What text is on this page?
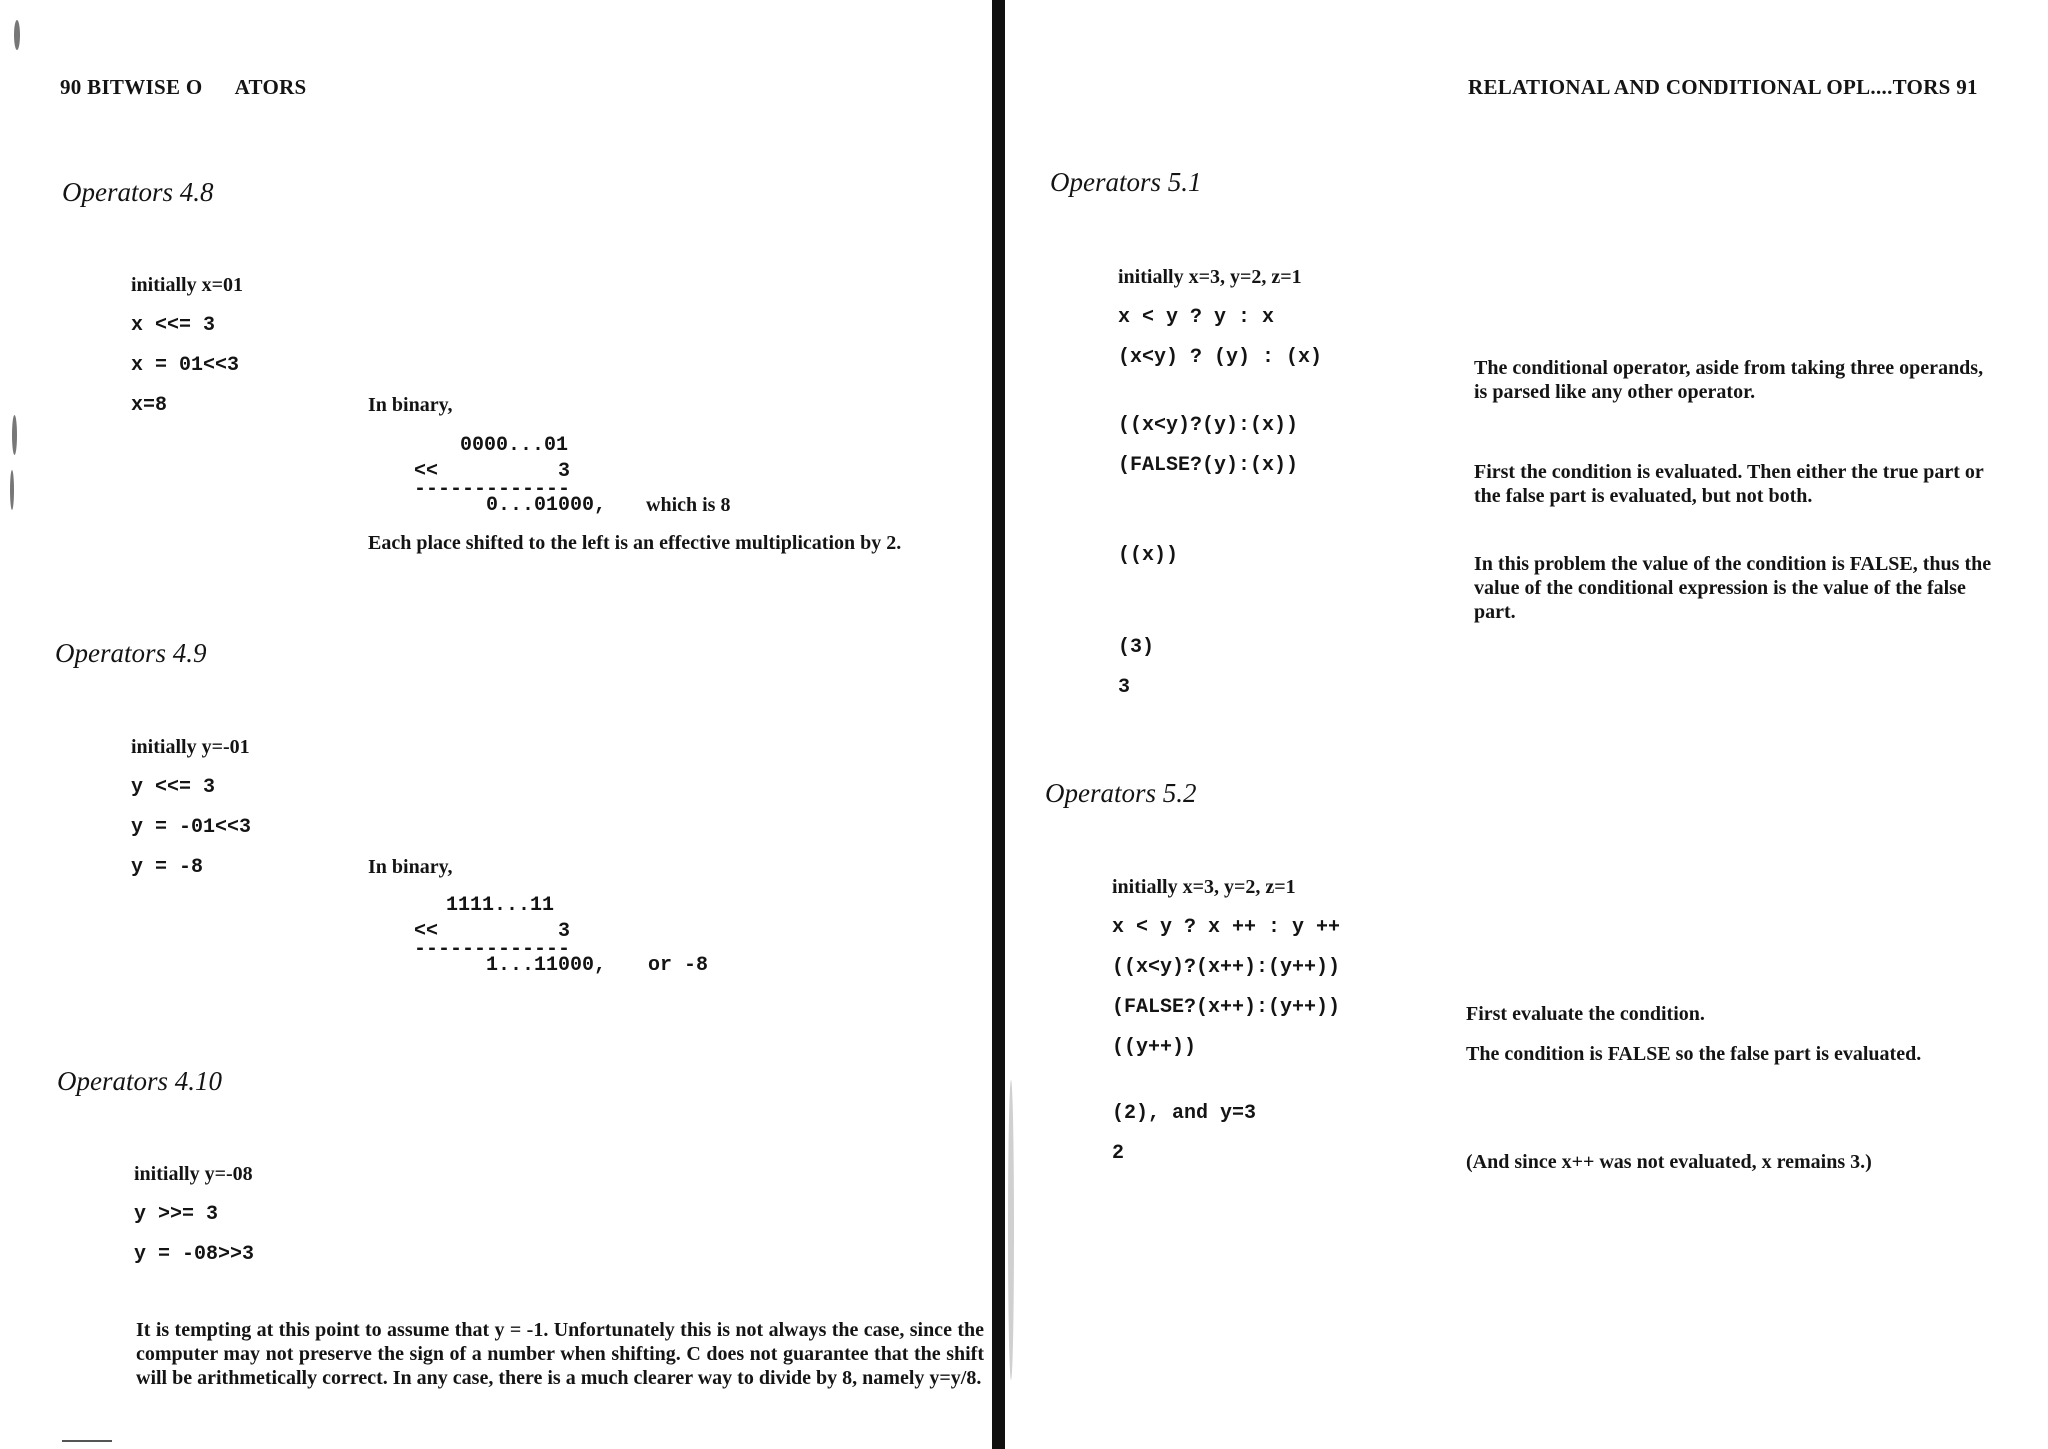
90 BITWISE O      ATORS
Operators 4.8
initially x=01
x <<= 3
x = 01<<3
x=8	In binary,
0000...01
<<          3
-------------
0...01000, which is 8
Each place shifted to the left is an effective multiplication by 2.
Operators 4.9
initially y=-01
y <<= 3
y = -01<<3
y = -8	In binary,
1111...11
<<          3
-------------
1...11000, or -8
Operators 4.10
initially y=-08
y >>= 3
y = -08>>3
It is tempting at this point to assume that y = -1. Unfortunately this is not always the case, since the computer may not preserve the sign of a number when shifting. C does not guarantee that the shift will be arithmetically correct. In any case, there is a much clearer way to divide by 8, namely y=y/8.
RELATIONAL AND CONDITIONAL OPL....TORS 91
Operators 5.1
initially x=3, y=2, z=1
x < y ? y : x
(x<y) ? (y) : (x)
((x<y)?(y):(x))
(FALSE?(y):(x))
((x))
(3)
3
The conditional operator, aside from taking three operands, is parsed like any other operator.
First the condition is evaluated. Then either the true part or the false part is evaluated, but not both.
In this problem the value of the condition is FALSE, thus the value of the conditional expression is the value of the false part.
Operators 5.2
initially x=3, y=2, z=1
x < y ? x ++ : y ++
((x<y)?(x++):(y++))
(FALSE?(x++):(y++))
((y++))
(2), and y=3
2
First evaluate the condition.
The condition is FALSE so the false part is evaluated.
(And since x++ was not evaluated, x remains 3.)
